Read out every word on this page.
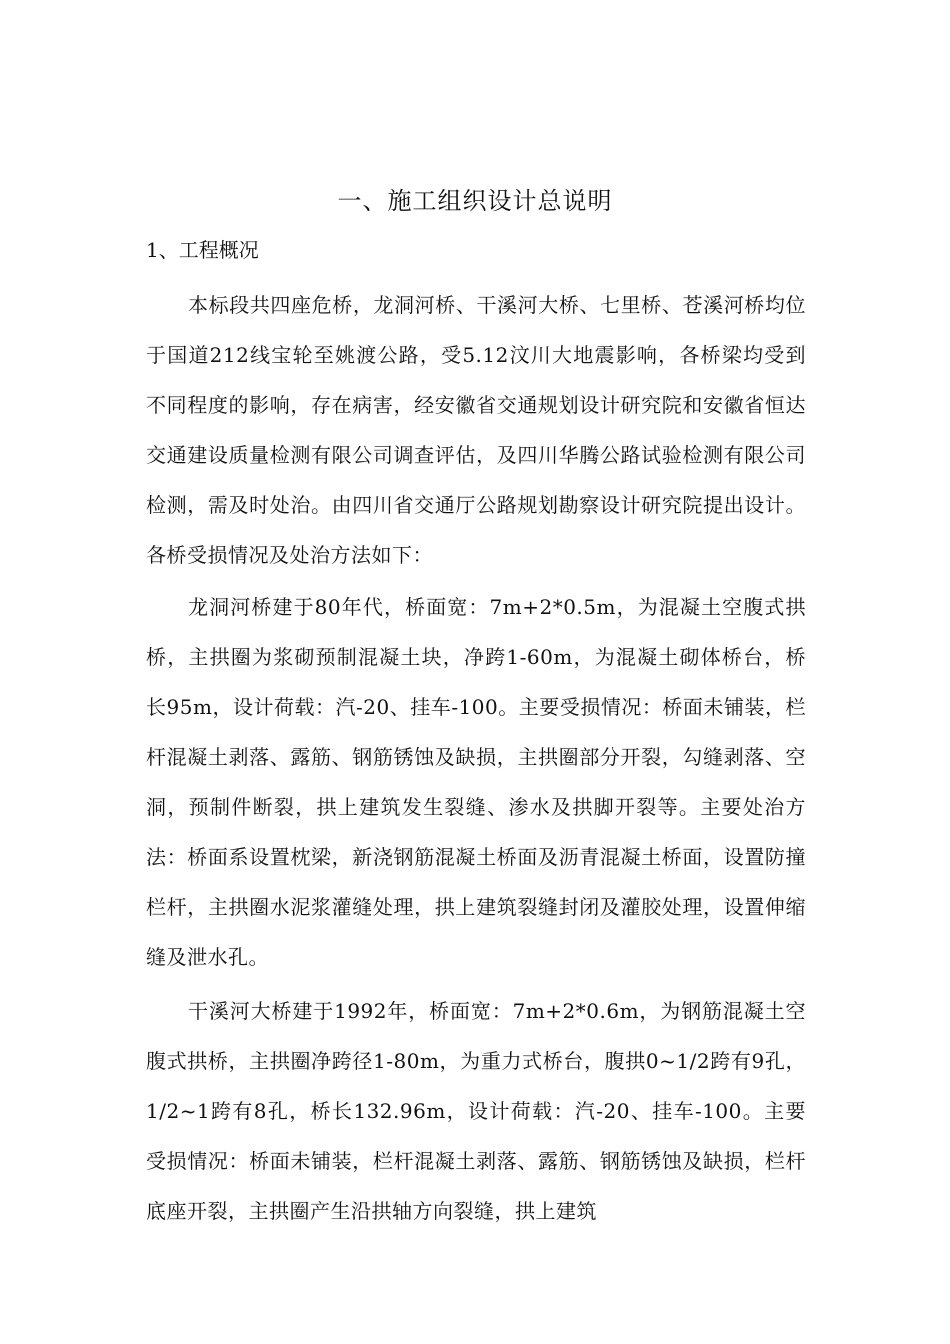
一、施工组织设计总说明
1、工程概况

本标段共四座危桥，龙洞河桥、干溪河大桥、七里桥、苍溪河桥均位于国道212线宝轮至姚渡公路，受5.12汶川大地震影响，各桥梁均受到不同程度的影响，存在病害，经安徽省交通规划设计研究院和安徽省恒达交通建设质量检测有限公司调查评估，及四川华腾公路试验检测有限公司检测，需及时处治。由四川省交通厅公路规划勘察设计研究院提出设计。各桥受损情况及处治方法如下：

龙洞河桥建于80年代，桥面宽：7m+2*0.5m，为混凝土空腹式拱桥，主拱圈为浆砌预制混凝土块，净跨1-60m，为混凝土砌体桥台，桥长95m，设计荷载：汽-20、挂车-100。主要受损情况：桥面未铺装，栏杆混凝土剥落、露筋、钢筋锈蚀及缺损，主拱圈部分开裂，勾缝剥落、空洞，预制件断裂，拱上建筑发生裂缝、渗水及拱脚开裂等。主要处治方法：桥面系设置枕梁，新浇钢筋混凝土桥面及沥青混凝土桥面，设置防撞栏杆，主拱圈水泥浆灌缝处理，拱上建筑裂缝封闭及灌胶处理，设置伸缩缝及泄水孔。

干溪河大桥建于1992年，桥面宽：7m+2*0.6m，为钢筋混凝土空腹式拱桥，主拱圈净跨径1-80m，为重力式桥台，腹拱0~1/2跨有9孔，1/2~1跨有8孔，桥长132.96m，设计荷载：汽-20、挂车-100。主要受损情况：桥面未铺装，栏杆混凝土剥落、露筋、钢筋锈蚀及缺损，栏杆底座开裂，主拱圈产生沿拱轴方向裂缝，拱上建筑
